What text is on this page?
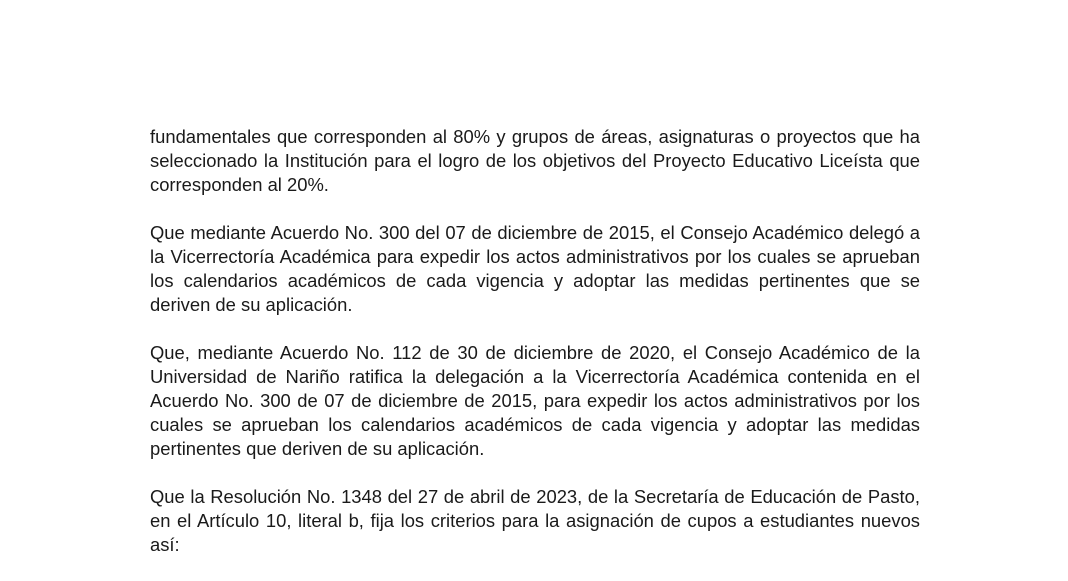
fundamentales que corresponden al 80% y grupos de áreas, asignaturas o proyectos que ha seleccionado la Institución para el logro de los objetivos del Proyecto Educativo Liceísta que corresponden al 20%.

Que mediante Acuerdo No. 300 del 07 de diciembre de 2015, el Consejo Académico delegó a la Vicerrectoría Académica para expedir los actos administrativos por los cuales se aprueban los calendarios académicos de cada vigencia y adoptar las medidas pertinentes que se deriven de su aplicación.

Que, mediante Acuerdo No. 112 de 30 de diciembre de 2020, el Consejo Académico de la Universidad de Nariño ratifica la delegación a la Vicerrectoría Académica contenida en el Acuerdo No. 300 de 07 de diciembre de 2015, para expedir los actos administrativos por los cuales se aprueban los calendarios académicos de cada vigencia y adoptar las medidas pertinentes que deriven de su aplicación.

Que la Resolución No. 1348 del 27 de abril de 2023, de la Secretaría de Educación de Pasto, en el Artículo 10, literal b, fija los criterios para la asignación de cupos a estudiantes nuevos así:
